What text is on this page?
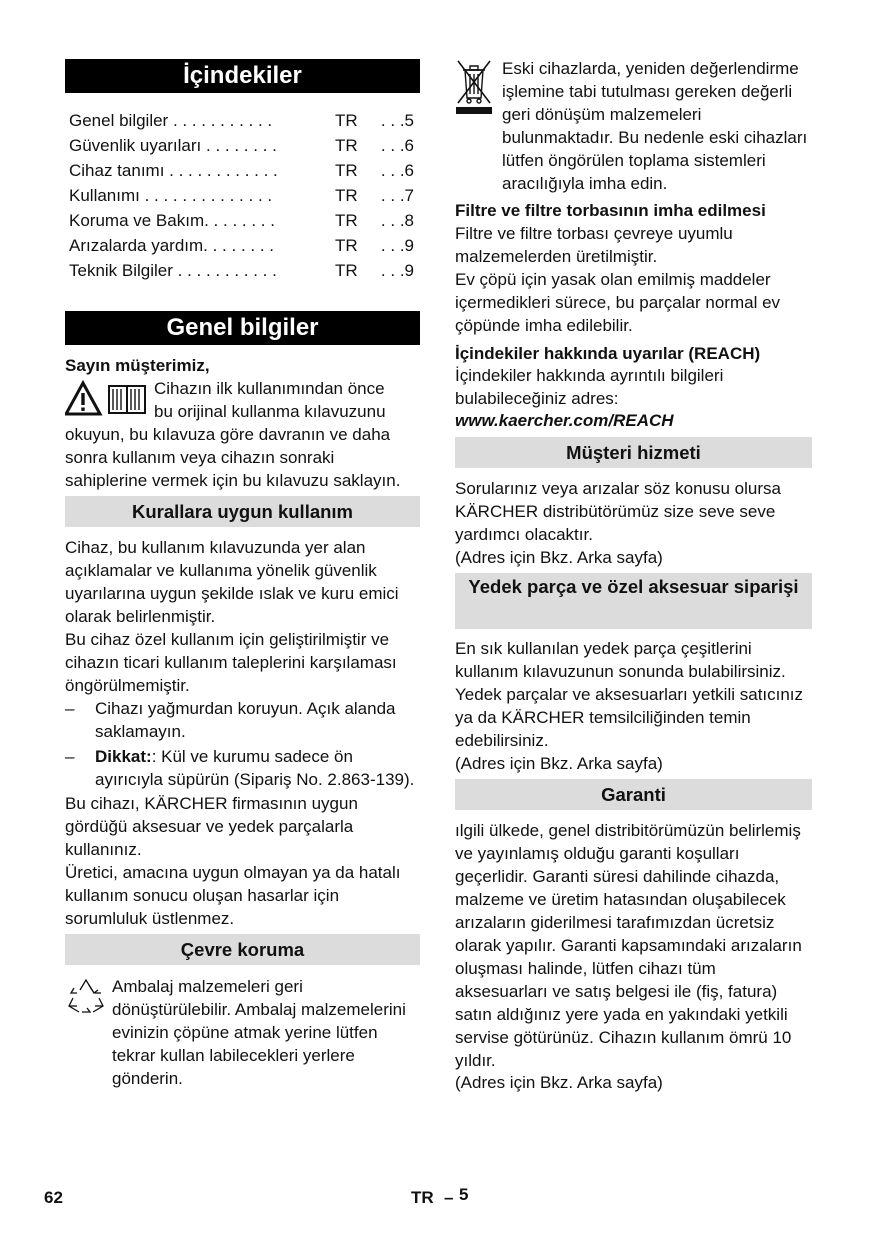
İçindekiler
Genel bilgiler . . . . . . . . . . .	TR . . .5
Güvenlik uyarıları . . . . . . . .	TR . . .6
Cihaz tanımı . . . . . . . . . . . .	TR . . .6
Kullanımı . . . . . . . . . . . . . .	TR . . .7
Koruma ve Bakım. . . . . . . .	TR . . .8
Arızalarda yardım. . . . . . . .	TR . . .9
Teknik Bilgiler . . . . . . . . . . .	TR . . .9
Genel bilgiler
Sayın müşterimiz,
Cihazın ilk kullanımından önce
bu orijinal kullanma kılavuzunu
okuyun, bu kılavuza göre davranın ve daha sonra kullanım veya cihazın sonraki sahiplerine vermek için bu kılavuzu saklayın.
Kurallara uygun kullanım
Cihaz, bu kullanım kılavuzunda yer alan açıklamalar ve kullanıma yönelik güvenlik uyarılarına uygun şekilde ıslak ve kuru emici olarak belirlenmiştir.
Bu cihaz özel kullanım için geliştirilmiştir ve cihazın ticari kullanım taleplerini karşılaması öngörülmemiştir.
– Cihazı yağmurdan koruyun. Açık alanda saklamayın.
– Dikkat:: Kül ve kurumu sadece ön ayırıcıyla süpürün (Sipariş No. 2.863-139).
Bu cihazı, KÄRCHER firmasının uygun gördüğü aksesuar ve yedek parçalarla kullanınız.
Üretici, amacına uygun olmayan ya da hatalı kullanım sonucu oluşan hasarlar için sorumluluk üstlenmez.
Çevre koruma
Ambalaj malzemeleri geri dönüştürülebilir. Ambalaj malzemelerini evinizin çöpüne atmak yerine lütfen tekrar kullan labilecekleri yerlere gönderin.
Eski cihazlarda, yeniden değerlendirme işlemine tabi tutulması gereken değerli geri dönüşüm malzemeleri bulunmaktadır. Bu nedenle eski cihazları lütfen öngörülen toplama sistemleri aracılığıyla imha edin.
Filtre ve filtre torbasının imha edilmesi
Filtre ve filtre torbası çevreye uyumlu malzemelerden üretilmiştir.
Ev çöpü için yasak olan emilmiş maddeler içermedikleri sürece, bu parçalar normal ev çöpünde imha edilebilir.
İçindekiler hakkında uyarılar (REACH)
İçindekiler hakkında ayrıntılı bilgileri bulabileceğiniz adres:
www.kaercher.com/REACH
Müşteri hizmeti
Sorularınız veya arızalar söz konusu olursa KÄRCHER distribütörümüz size seve seve yardımcı olacaktır.
(Adres için Bkz. Arka sayfa)
Yedek parça ve özel aksesuar siparişi
En sık kullanılan yedek parça çeşitlerini kullanım kılavuzunun sonunda bulabilirsiniz.
Yedek parçalar ve aksesuarları yetkili satıcınız ya da KÄRCHER temsilciliğinden temin edebilirsiniz.
(Adres için Bkz. Arka sayfa)
Garanti
ılgili ülkede, genel distribitörümüzün belirlemiş ve yayınlamış olduğu garanti koşulları geçerlidir. Garanti süresi dahilinde cihazda, malzeme ve üretim hatasından oluşabilecek arızaların giderilmesi tarafımızdan ücretsiz olarak yapılır. Garanti kapsamındaki arızaların oluşması halinde, lütfen cihazı tüm aksesuarları ve satış belgesi ile (fiş, fatura) satın aldığınız yere yada en yakındaki yetkili servise götürünüz. Cihazın kullanım ömrü 10 yıldır.
(Adres için Bkz. Arka sayfa)
62	TR – 5
